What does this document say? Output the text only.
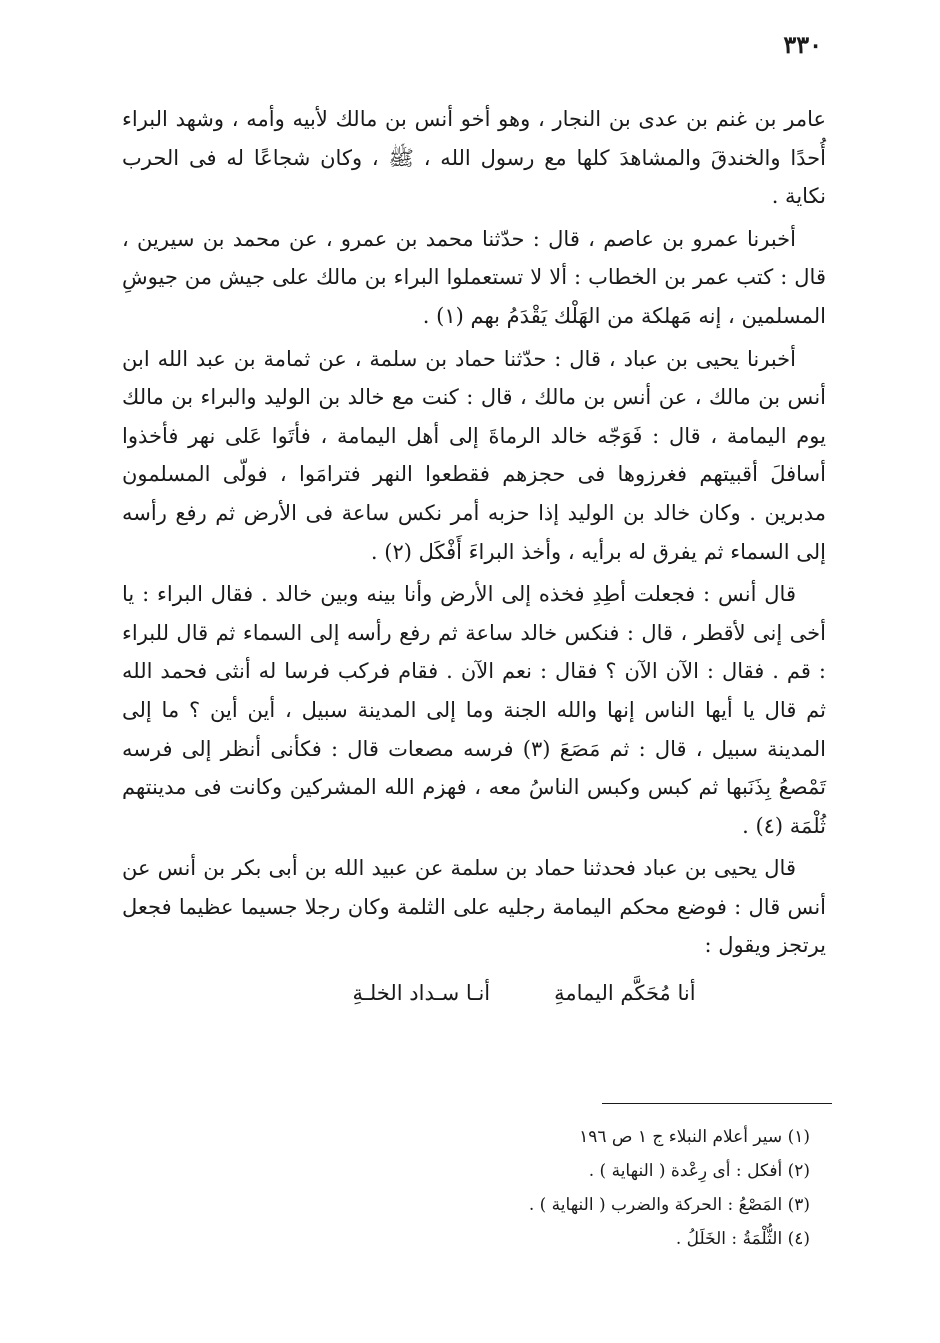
٣٣٠

عامر بن غنم بن عدى بن النجار ، وهو أخو أنس بن مالك لأبيه وأمه ، وشهد البراء أُحدًا والخندقَ والمشاهدَ كلها مع رسول الله ، ﷺ ، وكان شجاعًا له فى الحرب نكاية .

أخبرنا عمرو بن عاصم ، قال : حدّثنا محمد بن عمرو ، عن محمد بن سيرين ، قال : كتب عمر بن الخطاب : ألا لا تستعملوا البراء بن مالك على جيش من جيوشِ المسلمين ، إنه مَهلكة من الهَلْك يَقْدَمُ بهم (١) .

أخبرنا يحيى بن عباد ، قال : حدّثنا حماد بن سلمة ، عن ثمامة بن عبد الله ابن أنس بن مالك ، عن أنس بن مالك ، قال : كنت مع خالد بن الوليد والبراء بن مالك يوم اليمامة ، قال : فَوَجّه خالد الرماةَ إلى أهل اليمامة ، فأتَوا عَلى نهر فأخذوا أسافلَ أقبيتهم فغرزوها فى حجزهم فقطعوا النهر فترامَوا ، فولّى المسلمون مدبرين . وكان خالد بن الوليد إذا حزبه أمر نكس ساعة فى الأرض ثم رفع رأسه إلى السماء ثم يفرق له برأيه ، وأخذ البراءَ أَفْكَل (٢) .

قال أنس : فجعلت أطِدِ فخذه إلى الأرض وأنا بينه وبين خالد . فقال البراء : يا أخى إنى لأقطر ، قال : فنكس خالد ساعة ثم رفع رأسه إلى السماء ثم قال للبراء : قم . فقال : الآن الآن ؟ فقال : نعم الآن . فقام فركب فرسا له أنثى فحمد الله ثم قال يا أيها الناس إنها والله الجنة وما إلى المدينة سبيل ، أين أين ؟ ما إلى المدينة سبيل ، قال : ثم مَصَعَ (٣) فرسه مصعات قال : فكأنى أنظر إلى فرسه تَمْصعُ بِذَنَبها ثم كبس وكبس الناسُ معه ، فهزم الله المشركين وكانت فى مدينتهم ثُلْمَة (٤) .

قال يحيى بن عباد فحدثنا حماد بن سلمة عن عبيد الله بن أبى بكر بن أنس عن أنس قال : فوضع محكم اليمامة رجليه على الثلمة وكان رجلا جسيما عظيما فجعل يرتجز ويقول :

أنا مُحَكَّم اليمامةِ
أنـا سـداد الخلـةِ
(١) سير أعلام النبلاء ج ١ ص ١٩٦
(٢) أفكل : أى رِعْدة ( النهاية ) .
(٣) المَصْعُ : الحركة والضرب ( النهاية ) .
(٤) الثُّلْمَةُ : الخَلَلُ .
